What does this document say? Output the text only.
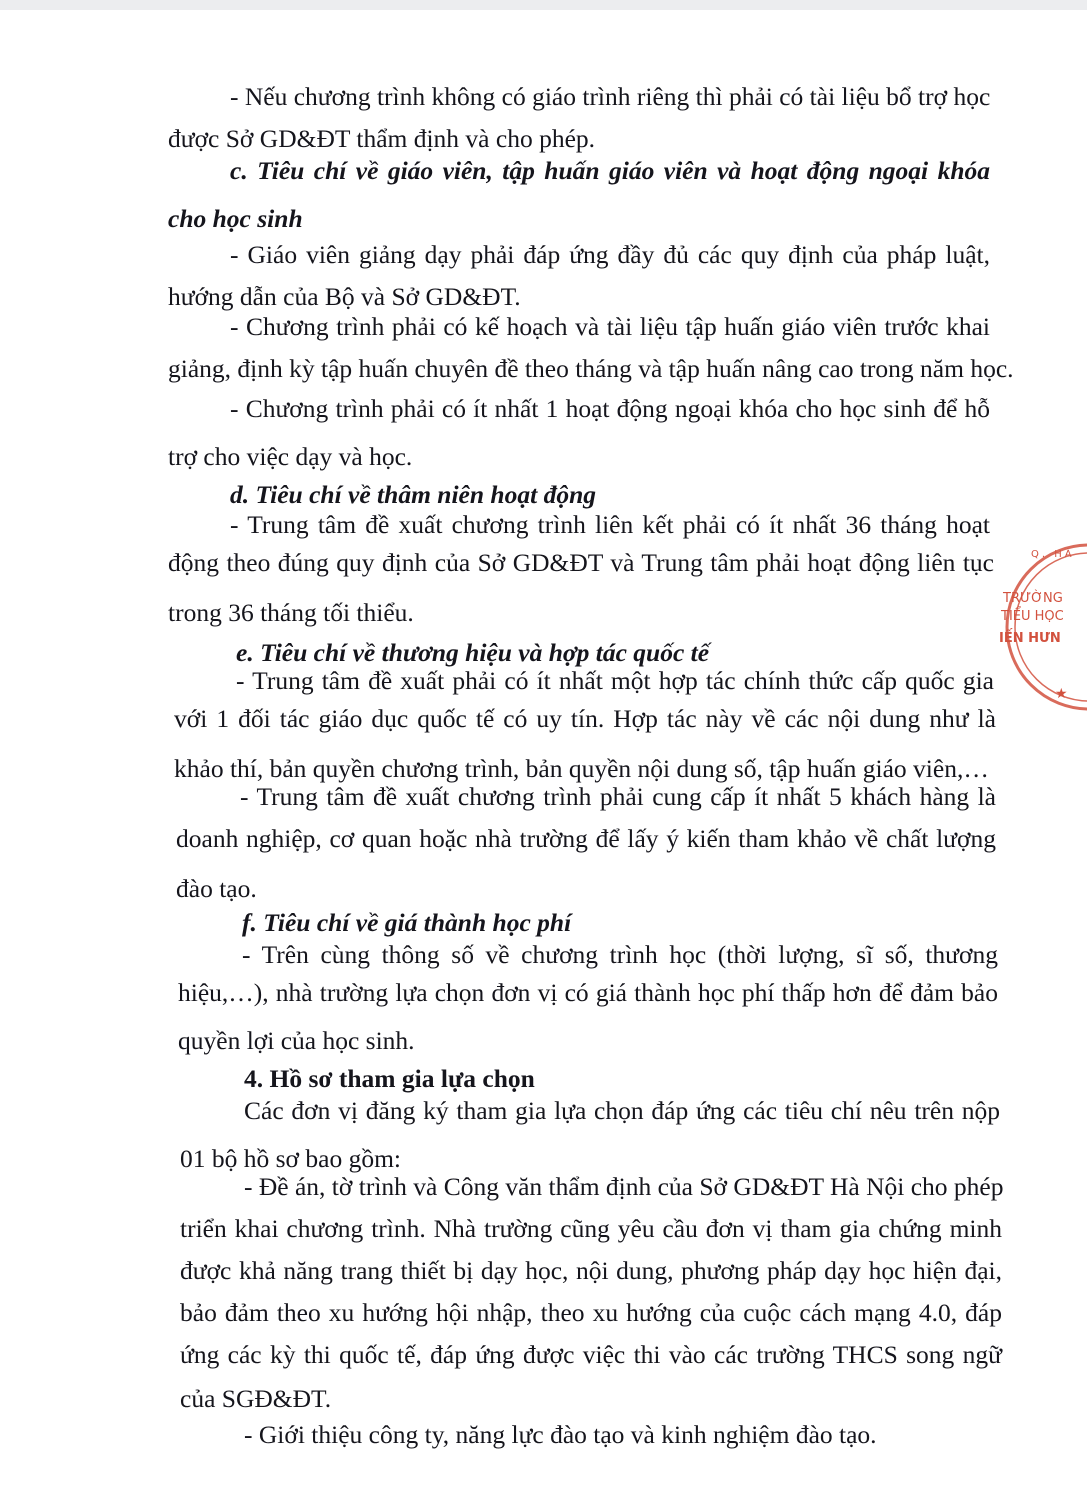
- Nếu chương trình không có giáo trình riêng thì phải có tài liệu bổ trợ học
được Sở GD&ĐT thẩm định và cho phép.
c. Tiêu chí về giáo viên, tập huấn giáo viên và hoạt động ngoại khóa
cho học sinh
- Giáo viên giảng dạy phải đáp ứng đầy đủ các quy định của pháp luật,
hướng dẫn của Bộ và Sở GD&ĐT.
- Chương trình phải có kế hoạch và tài liệu tập huấn giáo viên trước khai
giảng, định kỳ tập huấn chuyên đề theo tháng và tập huấn nâng cao trong năm học.
- Chương trình phải có ít nhất 1 hoạt động ngoại khóa cho học sinh để hỗ
trợ cho việc dạy và học.
d. Tiêu chí về thâm niên hoạt động
- Trung tâm đề xuất chương trình liên kết phải có ít nhất 36 tháng hoạt
động theo đúng quy định của Sở GD&ĐT và Trung tâm phải hoạt động liên tục
trong 36 tháng tối thiểu.
e. Tiêu chí về thương hiệu và hợp tác quốc tế
- Trung tâm đề xuất phải có ít nhất một hợp tác chính thức cấp quốc gia
với 1 đối tác giáo dục quốc tế có uy tín. Hợp tác này về các nội dung như là
khảo thí, bản quyền chương trình, bản quyền nội dung số, tập huấn giáo viên,…
- Trung tâm đề xuất chương trình phải cung cấp ít nhất 5 khách hàng là
doanh nghiệp, cơ quan hoặc nhà trường để lấy ý kiến tham khảo về chất lượng
đào tạo.
f. Tiêu chí về giá thành học phí
- Trên cùng thông số về chương trình học (thời lượng, sĩ số, thương
hiệu,…), nhà trường lựa chọn đơn vị có giá thành học phí thấp hơn để đảm bảo
quyền lợi của học sinh.
4. Hồ sơ tham gia lựa chọn
Các đơn vị đăng ký tham gia lựa chọn đáp ứng các tiêu chí nêu trên nộp
01 bộ hồ sơ bao gồm:
- Đề án, tờ trình và Công văn thẩm định của Sở GD&ĐT Hà Nội cho phép
triển khai chương trình. Nhà trường cũng yêu cầu đơn vị tham gia chứng minh
được khả năng trang thiết bị dạy học, nội dung, phương pháp dạy học hiện đại,
bảo đảm theo xu hướng hội nhập, theo xu hướng của cuộc cách mạng 4.0, đáp
ứng các kỳ thi quốc tế, đáp ứng được việc thi vào các trường THCS song ngữ
của SGĐ&ĐT.
- Giới thiệu công ty, năng lực đào tạo và kinh nghiệm đào tạo.
★
Q. HÀ
TRƯỜNG
TIỂU HỌC
IẾN HƯN
